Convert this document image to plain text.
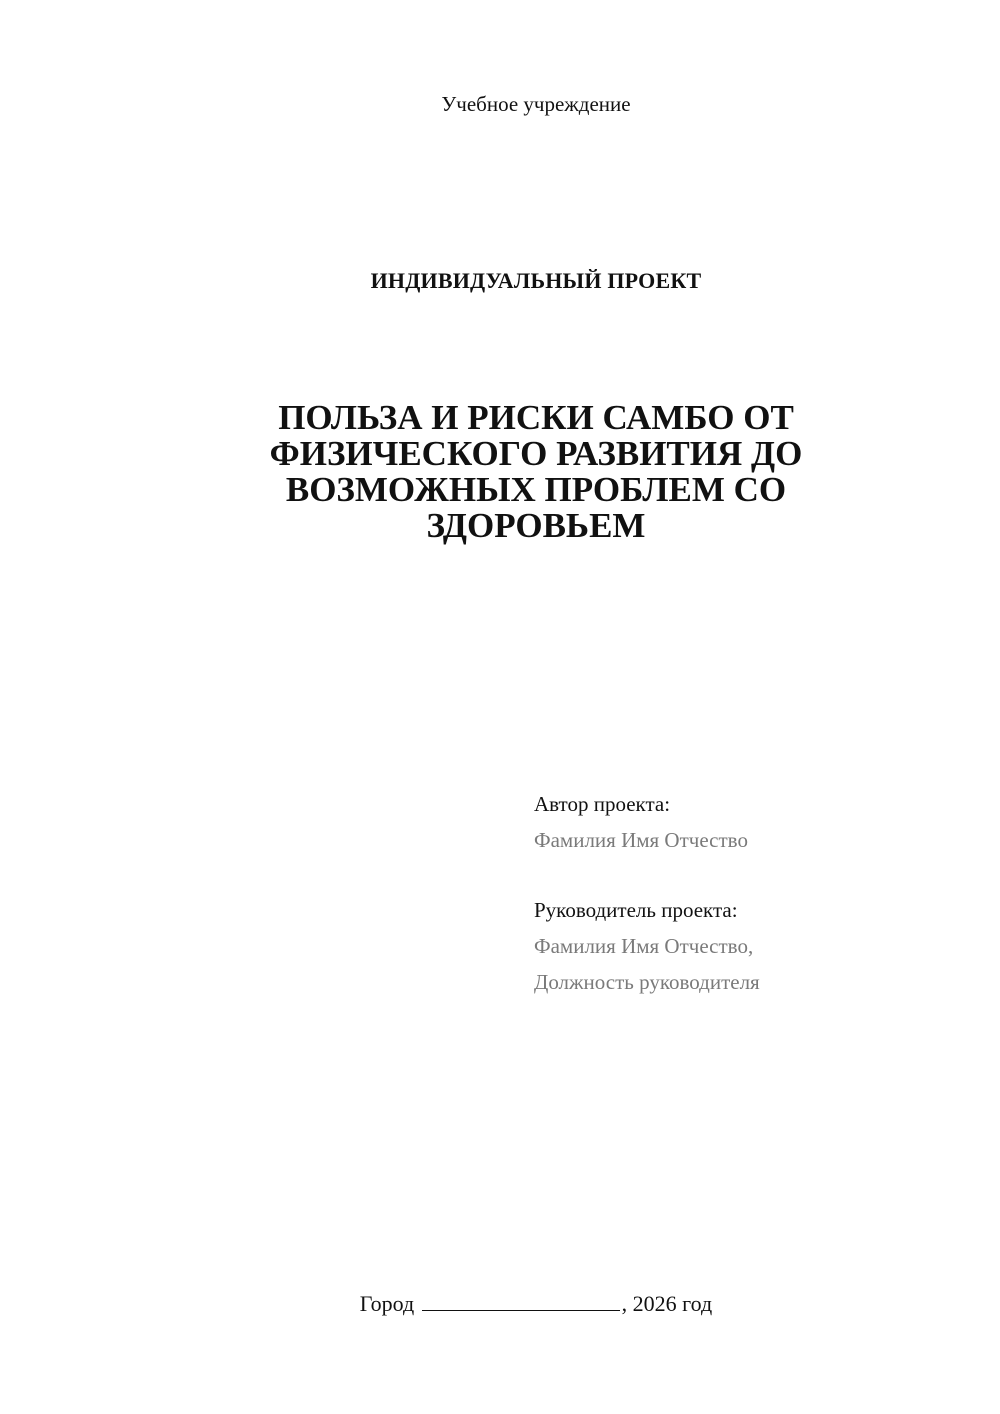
Учебное учреждение
ИНДИВИДУАЛЬНЫЙ ПРОЕКТ
ПОЛЬЗА И РИСКИ САМБО ОТ
ФИЗИЧЕСКОГО РАЗВИТИЯ ДО
ВОЗМОЖНЫХ ПРОБЛЕМ СО
ЗДОРОВЬЕМ
Автор проекта:
Фамилия Имя Отчество
Руководитель проекта:
Фамилия Имя Отчество,
Должность руководителя
Город	, 2026 год
